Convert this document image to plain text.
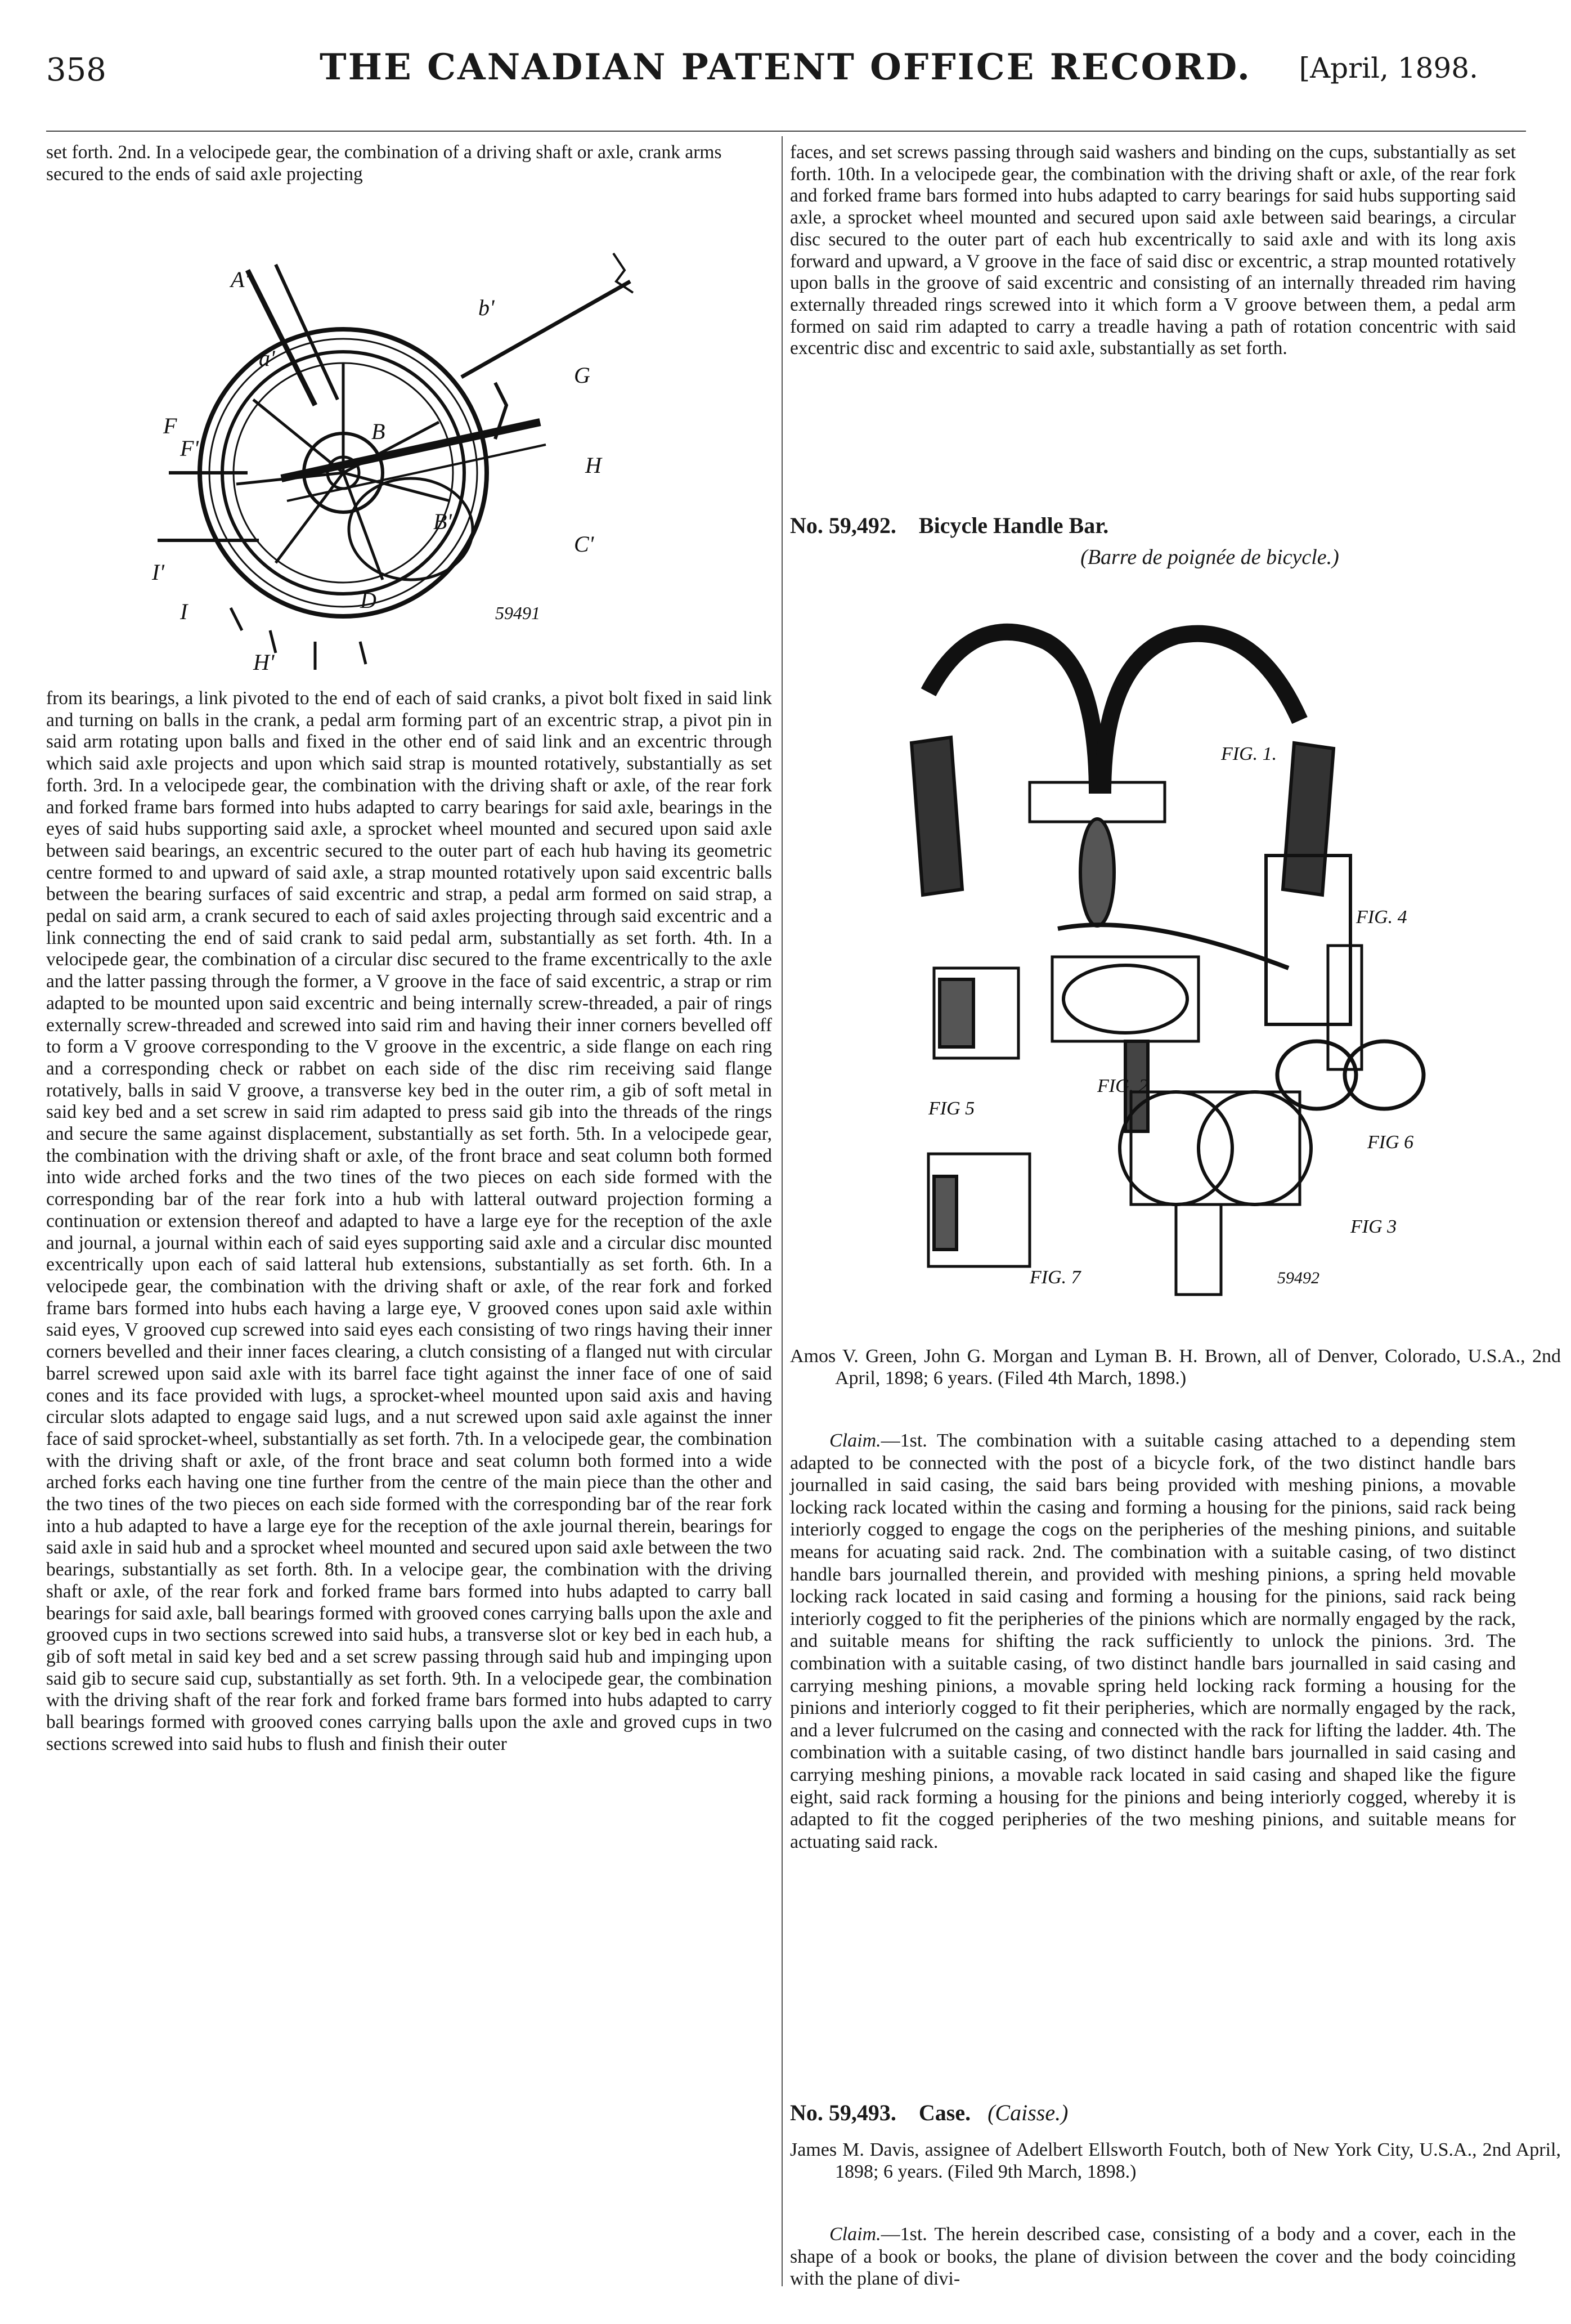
358	THE CANADIAN PATENT OFFICE RECORD.	[April, 1898.

set forth. 2nd. In a velocipede gear, the combination of a driving shaft or axle, crank arms secured to the ends of said axle projecting

A'
a'
F
b'
F'
B
C'
D
B'
H
I'
G
H'
I	59491

from its bearings, a link pivoted to the end of each of said cranks, a pivot bolt fixed in said link and turning on balls in the crank, a pedal arm forming part of an excentric strap, a pivot pin in said arm rotating upon balls and fixed in the other end of said link and an excentric through which said axle projects and upon which said strap is mounted rotatively, substantially as set forth. 3rd. In a velocipede gear, the combination with the driving shaft or axle, of the rear fork and forked frame bars formed into hubs adapted to carry bearings for said axle, bearings in the eyes of said hubs supporting said axle, a sprocket wheel mounted and secured upon said axle between said bearings, an excentric secured to the outer part of each hub having its geometric centre formed to and upward of said axle, a strap mounted rotatively upon said excentric balls between the bearing surfaces of said excentric and strap, a pedal arm formed on said strap, a pedal on said arm, a crank secured to each of said axles projecting through said excentric and a link connecting the end of said crank to said pedal arm, substantially as set forth. 4th. In a velocipede gear, the combination of a circular disc secured to the frame excentrically to the axle and the latter passing through the former, a V groove in the face of said excentric, a strap or rim adapted to be mounted upon said excentric and being internally screw-threaded, a pair of rings externally screw-threaded and screwed into said rim and having their inner corners bevelled off to form a V groove corresponding to the V groove in the excentric, a side flange on each ring and a corresponding check or rabbet on each side of the disc rim receiving said flange rotatively, balls in said V groove, a transverse key bed in the outer rim, a gib of soft metal in said key bed and a set screw in said rim adapted to press said gib into the threads of the rings and secure the same against displacement, substantially as set forth. 5th. In a velocipede gear, the combination with the driving shaft or axle, of the front brace and seat column both formed into wide arched forks and the two tines of the two pieces on each side formed with the corresponding bar of the rear fork into a hub with latteral outward projection forming a continuation or extension thereof and adapted to have a large eye for the reception of the axle and journal, a journal within each of said eyes supporting said axle and a circular disc mounted excentrically upon each of said latteral hub extensions, substantially as set forth. 6th. In a velocipede gear, the combination with the driving shaft or axle, of the rear fork and forked frame bars formed into hubs each having a large eye, V grooved cones upon said axle within said eyes, V grooved cup screwed into said eyes each consisting of two rings having their inner corners bevelled and their inner faces clearing, a clutch consisting of a flanged nut with circular barrel screwed upon said axle with its barrel face tight against the inner face of one of said cones and its face provided with lugs, a sprocket-wheel mounted upon said axis and having circular slots adapted to engage said lugs, and a nut screwed upon said axle against the inner face of said sprocket-wheel, substantially as set forth. 7th. In a velocipede gear, the combination with the driving shaft or axle, of the front brace and seat column both formed into a wide arched forks each having one tine further from the centre of the main piece than the other and the two tines of the two pieces on each side formed with the corresponding bar of the rear fork into a hub adapted to have a large eye for the reception of the axle journal therein, bearings for said axle in said hub and a sprocket wheel mounted and secured upon said axle between the two bearings, substantially as set forth. 8th. In a velocipe gear, the combination with the driving shaft or axle, of the rear fork and forked frame bars formed into hubs adapted to carry ball bearings for said axle, ball bearings formed with grooved cones carrying balls upon the axle and grooved cups in two sections screwed into said hubs, a transverse slot or key bed in each hub, a gib of soft metal in said key bed and a set screw passing through said hub and impinging upon said gib to secure said cup, substantially as set forth. 9th. In a velocipede gear, the combination with the driving shaft of the rear fork and forked frame bars formed into hubs adapted to carry ball bearings formed with grooved cones carrying balls upon the axle and groved cups in two sections screwed into said hubs to flush and finish their outer

faces, and set screws passing through said washers and binding on the cups, substantially as set forth. 10th. In a velocipede gear, the combination with the driving shaft or axle, of the rear fork and forked frame bars formed into hubs adapted to carry bearings for said hubs supporting said axle, a sprocket wheel mounted and secured upon said axle between said bearings, a circular disc secured to the outer part of each hub excentrically to said axle and with its long axis forward and upward, a V groove in the face of said disc or excentric, a strap mounted rotatively upon balls in the groove of said excentric and consisting of an internally threaded rim having externally threaded rings screwed into it which form a V groove between them, a pedal arm formed on said rim adapted to carry a treadle having a path of rotation concentric with said excentric disc and excentric to said axle, substantially as set forth.

No. 59,492. Bicycle Handle Bar.
(Barre de poignée de bicycle.)
FIG. 1.
FIG. 4
FIG. 2
FIG 5
FIG 6
FIG 3
FIG. 7	59492

Amos V. Green, John G. Morgan and Lyman B. H. Brown, all of Denver, Colorado, U.S.A., 2nd April, 1898; 6 years. (Filed 4th March, 1898.)

Claim.—1st. The combination with a suitable casing attached to a depending stem adapted to be connected with the post of a bicycle fork, of the two distinct handle bars journalled in said casing, the said bars being provided with meshing pinions, a movable locking rack located within the casing and forming a housing for the pinions, said rack being interiorly cogged to engage the cogs on the peripheries of the meshing pinions, and suitable means for acuating said rack. 2nd. The combination with a suitable casing, of two distinct handle bars journalled therein, and provided with meshing pinions, a spring held movable locking rack located in said casing and forming a housing for the pinions, said rack being interiorly cogged to fit the peripheries of the pinions which are normally engaged by the rack, and suitable means for shifting the rack sufficiently to unlock the pinions. 3rd. The combination with a suitable casing, of two distinct handle bars journalled in said casing and carrying meshing pinions, a movable spring held locking rack forming a housing for the pinions and interiorly cogged to fit their peripheries, which are normally engaged by the rack, and a lever fulcrumed on the casing and connected with the rack for lifting the ladder. 4th. The combination with a suitable casing, of two distinct handle bars journalled in said casing and carrying meshing pinions, a movable rack located in said casing and shaped like the figure eight, said rack forming a housing for the pinions and being interiorly cogged, whereby it is adapted to fit the cogged peripheries of the two meshing pinions, and suitable means for actuating said rack.

No. 59,493. Case. (Caisse.)

James M. Davis, assignee of Adelbert Ellsworth Foutch, both of New York City, U.S.A., 2nd April, 1898; 6 years. (Filed 9th March, 1898.)

Claim.—1st. The herein described case, consisting of a body and a cover, each in the shape of a book or books, the plane of division between the cover and the body coinciding with the plane of divi-
